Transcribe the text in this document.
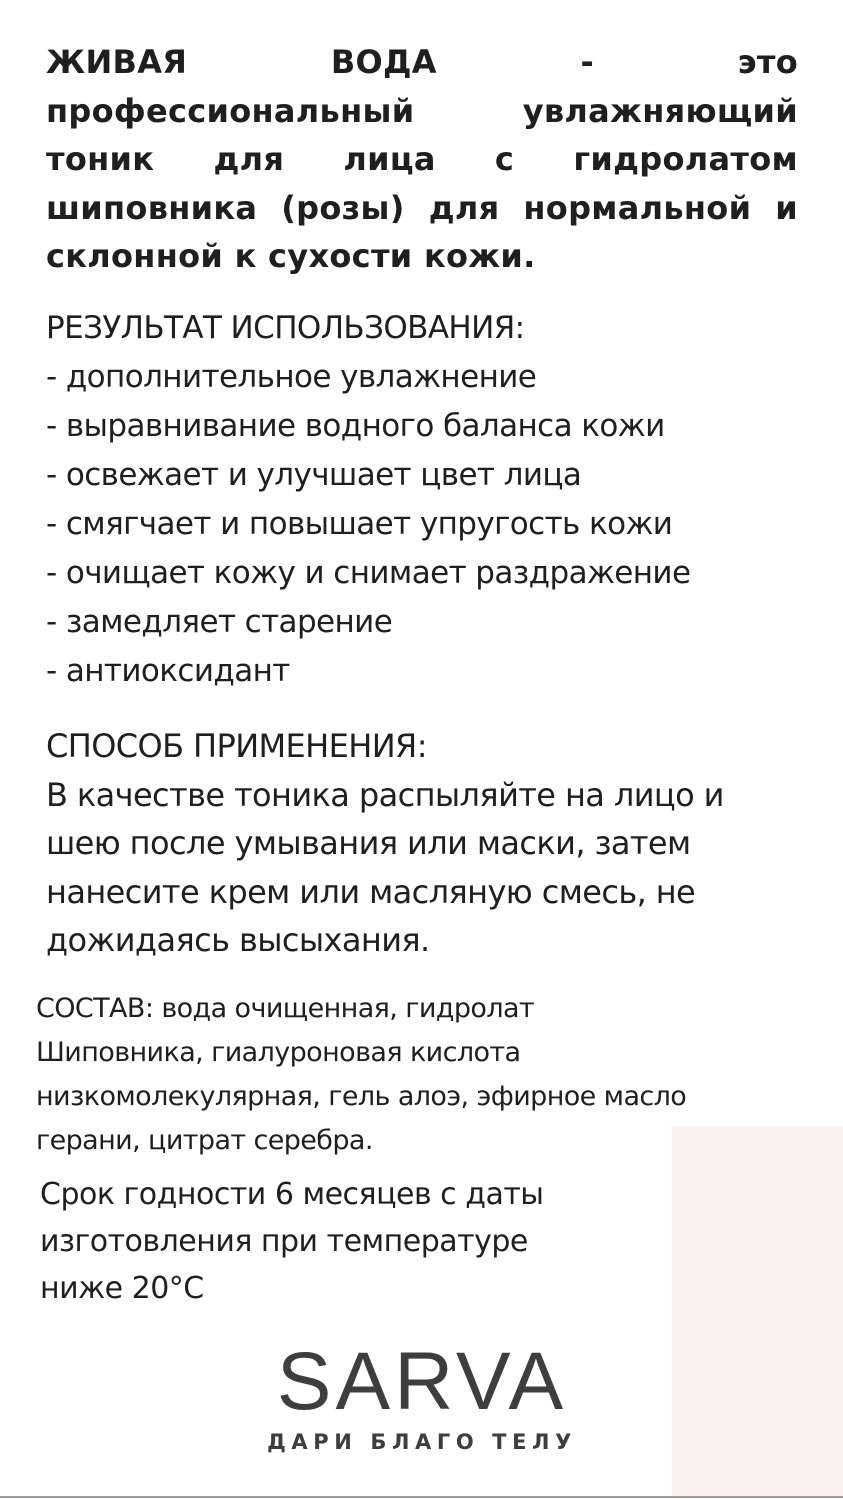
ЖИВАЯ	ВОДА	-	это
профессиональный	увлажняющий
тоник для лица с гидролатом
шиповника (розы) для нормальной и
склонной к сухости кожи.
РЕЗУЛЬТАТ ИСПОЛЬЗОВАНИЯ:
- дополнительное увлажнение
- выравнивание водного баланса кожи
- освежает и улучшает цвет лица
- смягчает и повышает упругость кожи
- очищает кожу и снимает раздражение
- замедляет старение
- антиоксидант
СПОСОБ ПРИМЕНЕНИЯ:
В качестве тоника распыляйте на лицо и
шею после умывания или маски, затем
нанесите крем или масляную смесь, не
дожидаясь высыхания.
СОСТАВ: вода очищенная, гидролат
Шиповника, гиалуроновая кислота
низкомолекулярная, гель алоэ, эфирное масло
герани, цитрат серебра.
Срок годности 6 месяцев с даты
изготовления при температуре
ниже 20°C
SARVA
ДАРИ БЛАГО ТЕЛУ
